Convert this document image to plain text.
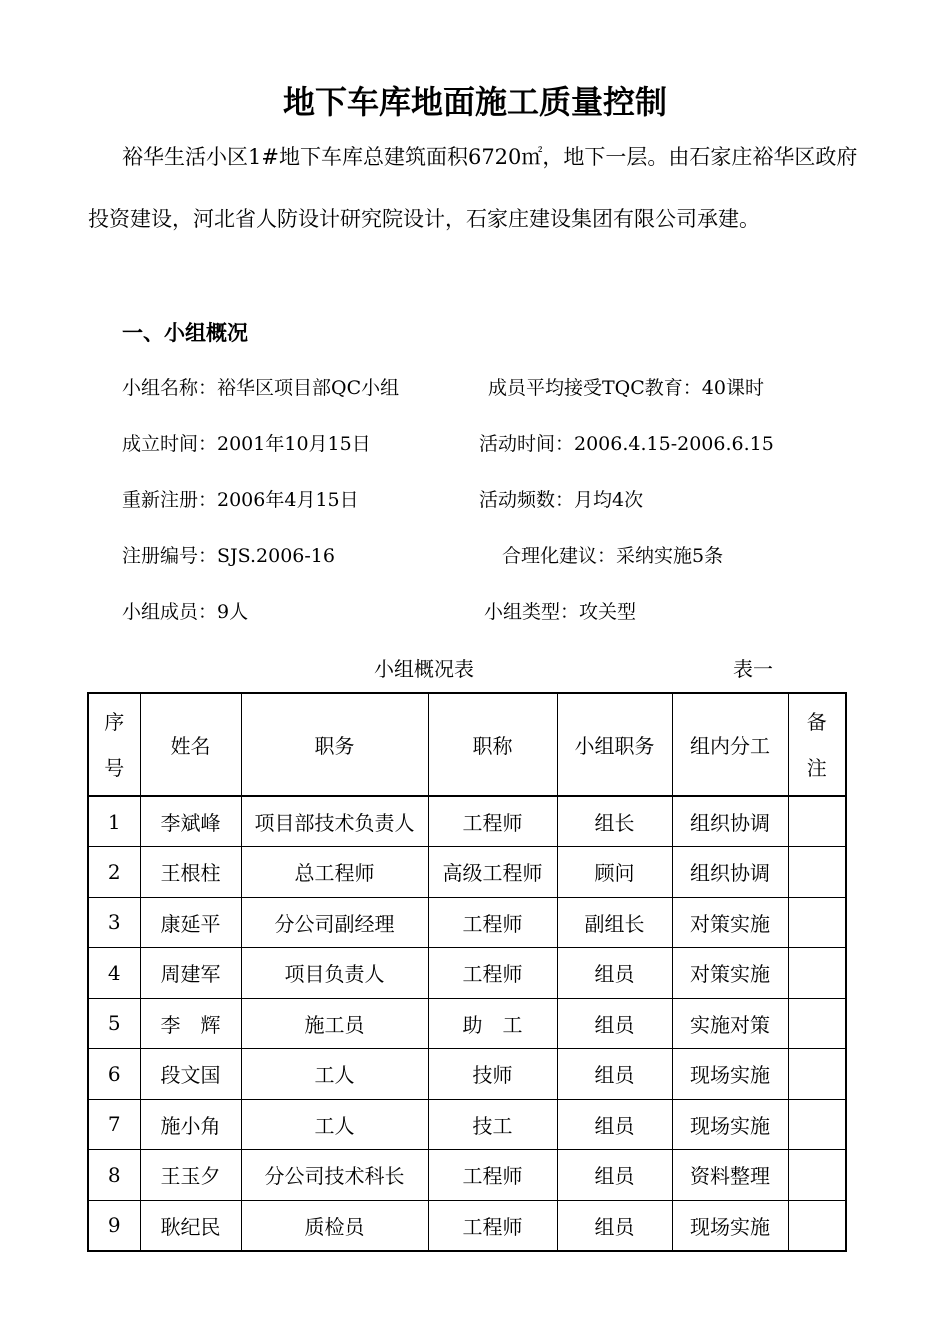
地下车库地面施工质量控制

裕华生活小区1#地下车库总建筑面积6720㎡，地下一层。由石家庄裕华区政府投资建设，河北省人防设计研究院设计，石家庄建设集团有限公司承建。

一、小组概况
小组名称：裕华区项目部QC小组	成员平均接受TQC教育：40课时
成立时间：2001年10月15日	活动时间：2006.4.15-2006.6.15
重新注册：2006年4月15日	活动频数：月均4次
注册编号：SJS.2006-16	合理化建议：采纳实施5条
小组成员：9人	小组类型：攻关型
小组概况表	表一
序
号	姓名	职务	职称	小组职务	组内分工	备
注

1	李斌峰	项目部技术负责人	工程师	组长	组织协调	
2	王根柱	总工程师	高级工程师	顾问	组织协调	
3	康延平	分公司副经理	工程师	副组长	对策实施	
4	周建军	项目负责人	工程师	组员	对策实施	
5	李　辉	施工员	助　工	组员	实施对策	
6	段文国	工人	技师	组员	现场实施	
7	施小角	工人	技工	组员	现场实施	
8	王玉夕	分公司技术科长	工程师	组员	资料整理	
9	耿纪民	质检员	工程师	组员	现场实施	
